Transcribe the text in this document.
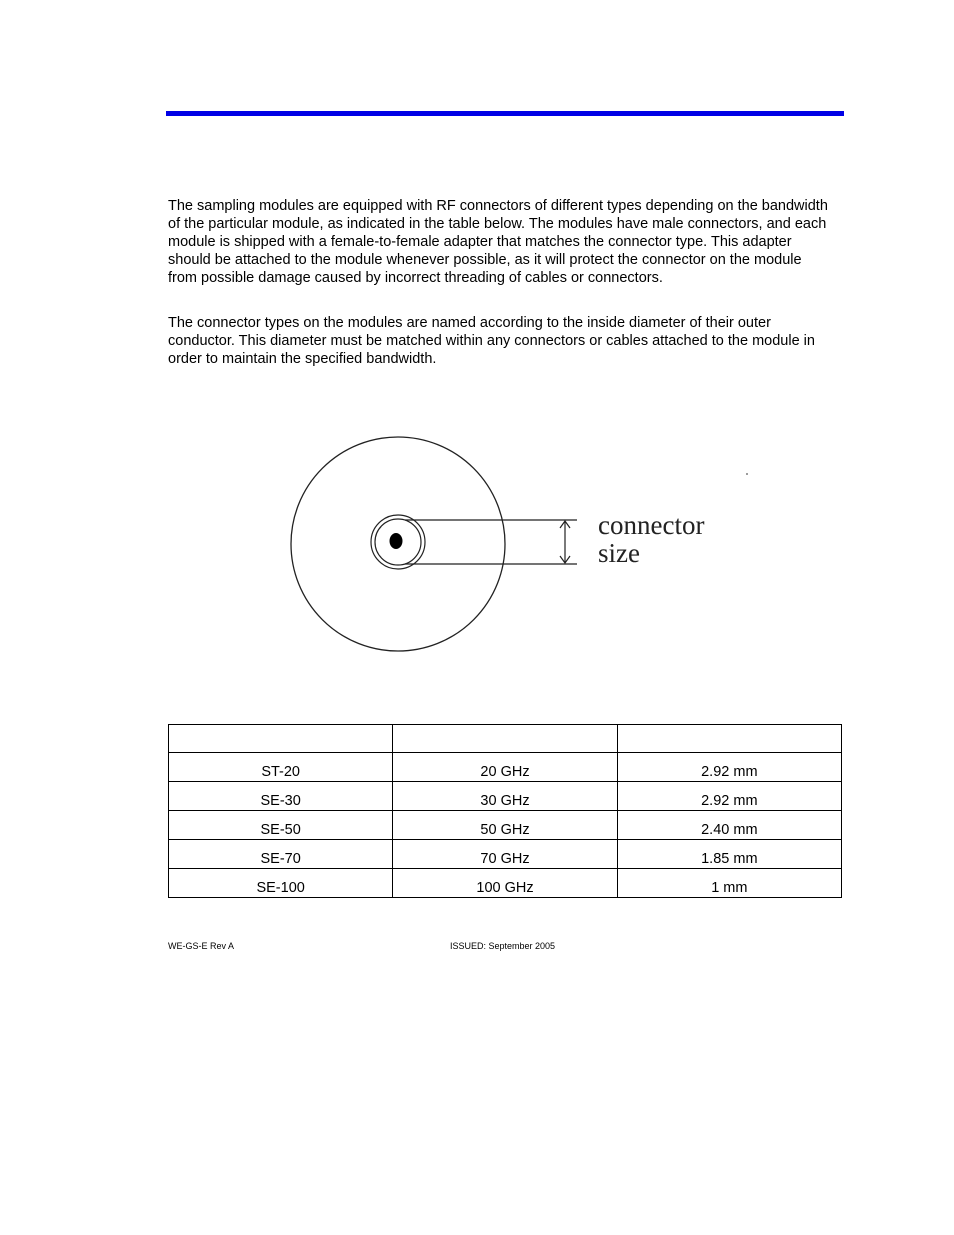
The sampling modules are equipped with RF connectors of different types depending on the bandwidth of the particular module, as indicated in the table below. The modules have male connectors, and each module is shipped with a female-to-female adapter that matches the connector type. This adapter should be attached to the module whenever possible, as it will protect the connector on the module from possible damage caused by incorrect threading of cables or connectors.

The connector types on the modules are named according to the inside diameter of their outer conductor. This diameter must be matched within any connectors or cables attached to the module in order to maintain the specified bandwidth.

connector
size

ST-20	20 GHz	2.92 mm
SE-30	30 GHz	2.92 mm
SE-50	50 GHz	2.40 mm
SE-70	70 GHz	1.85 mm
SE-100	100 GHz	1 mm
WE-GS-E Rev A	ISSUED: September 2005
